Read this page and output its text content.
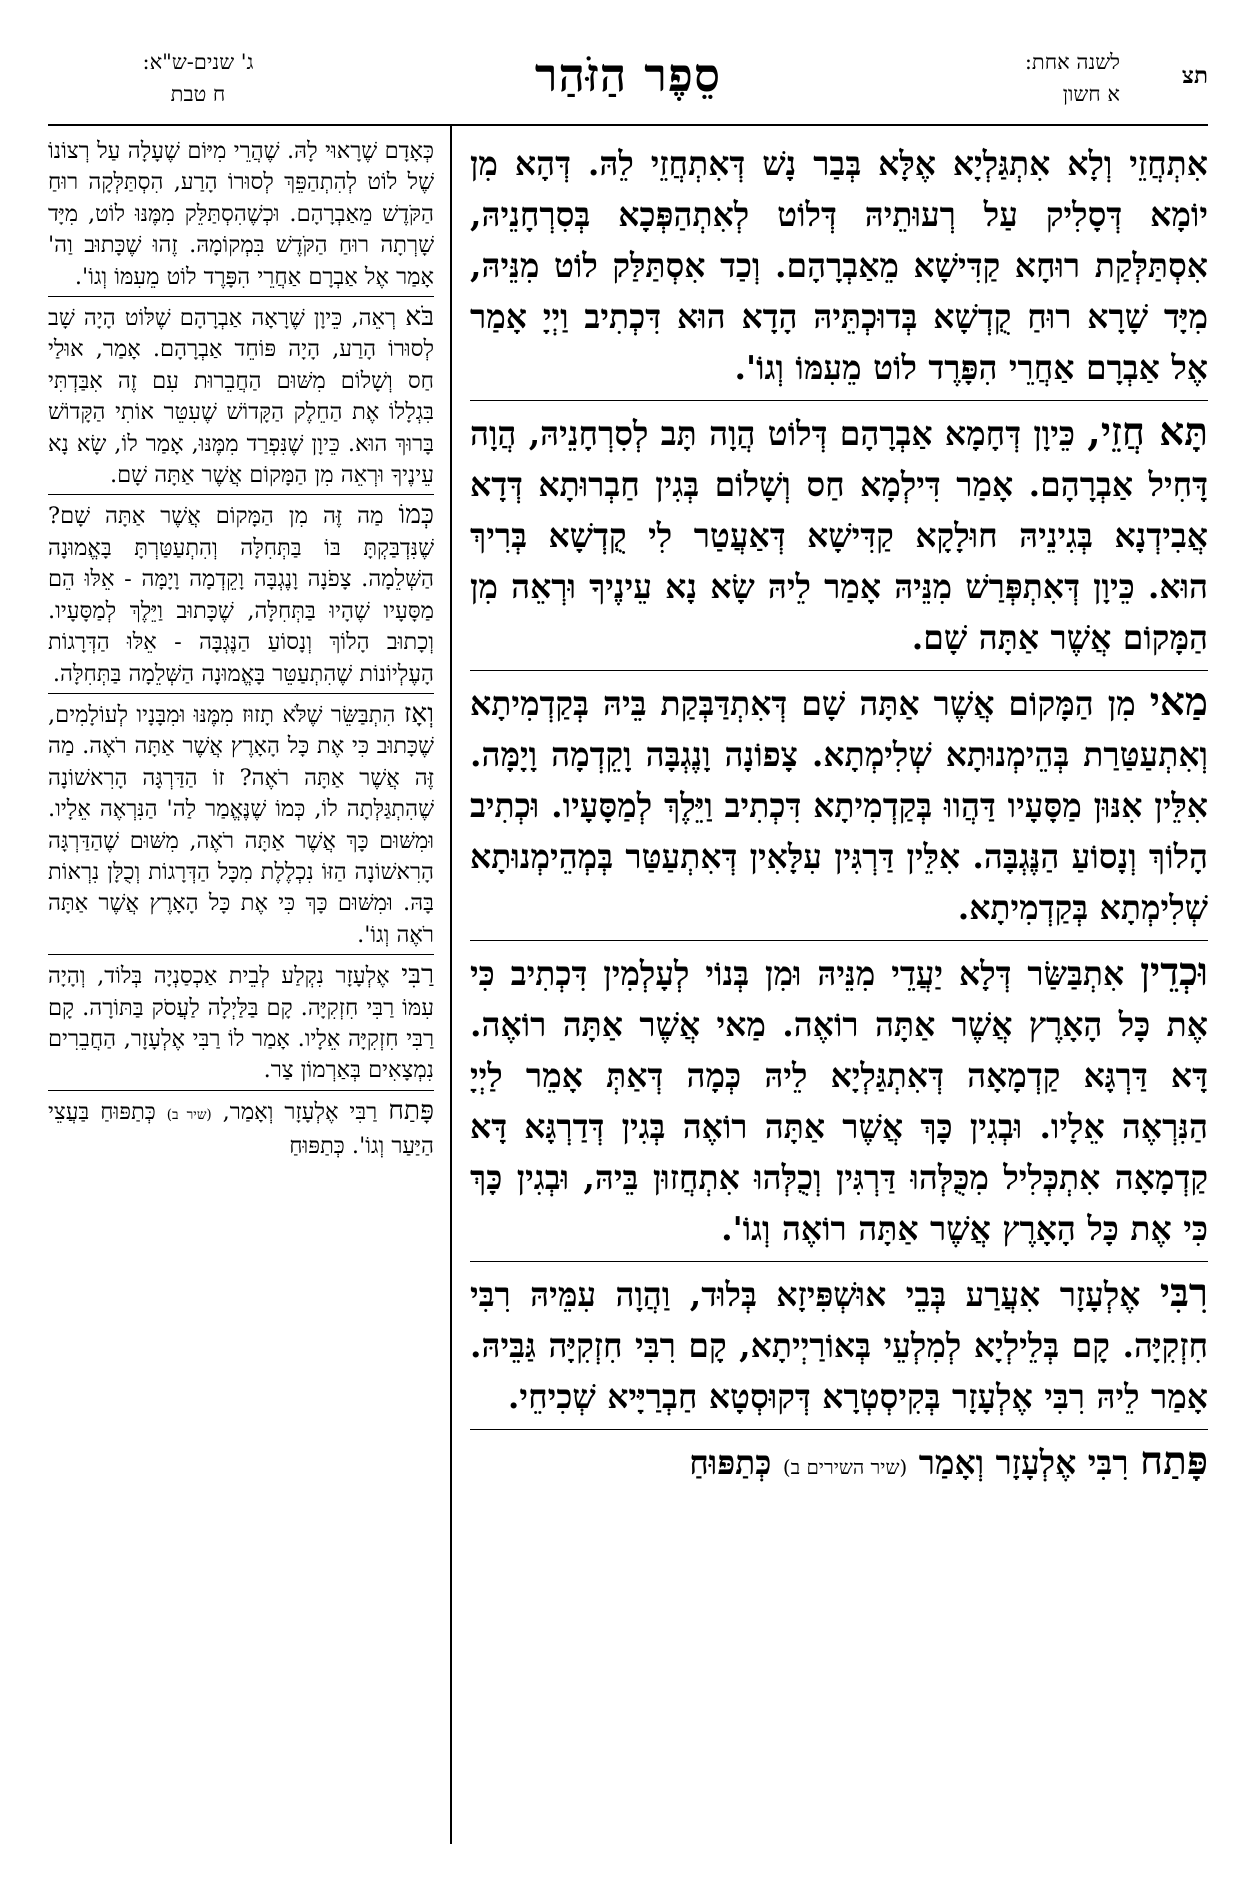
תצ
לשנה אחת:
א חשון
סֵפֶר הַזֹּהַר
ג' שנים-ש"א:
ח טבת

אִתְחֲזֵי וְלָא אִתְגַּלְיָא אֶלָּא בְּבַר נָשׁ דְּאִתְחֲזֵי לֵהּ. דְּהָא מִן יוֹמָא דְּסָלִיק עַל רְעוּתֵיהּ דְּלוֹט לְאִתְהַפְּכָא בְּסִרְחָנֵיהּ, אִסְתַּלְּקַת רוּחָא קַדִּישָׁא מֵאַבְרָהָם. וְכַד אִסְתַּלַּק לוֹט מִנֵּיהּ, מִיָּד שָׁרָא רוּחַ קֻדְשָׁא בְּדוּכְתֵּיהּ הָדָא הוּא דִּכְתִיב וַיְיָ אָמַר אֶל אַבְרָם אַחֲרֵי הִפָּרֶד לוֹט מֵעִמּוֹ וְגוֹ'.

תָּא חֲזֵי, כֵּיוָן דְּחָמָא אַבְרָהָם דְּלוֹט הֲוָה תָּב לְסִרְחָנֵיהּ, הֲוָה דָּחִיל אַבְרָהָם. אָמַר דִּילְמָא חַס וְשָׁלוֹם בְּגִין חַבְרוּתָא דְּדָא אֲבִידְנָא בְּגִינֵיהּ חוּלָקָא קַדִּישָׁא דְּאַעֲטַר לִי קֻדְשָׁא בְּרִיךְ הוּא. כֵּיוָן דְּאִתְפְּרַשׁ מִנֵּיהּ אָמַר לֵיהּ שָׂא נָא עֵינֶיךָ וּרְאֵה מִן הַמָּקוֹם אֲשֶׁר אַתָּה שָׁם.

מַאי מִן הַמָּקוֹם אֲשֶׁר אַתָּה שָׁם דְּאִתְדַּבְּקַת בֵּיהּ בְּקַדְמִיתָא וְאִתְעַטַּרַת בְּהֵימְנוּתָא שְׁלִימְתָא. צָפוֹנָה וָנֶגְבָּה וָקֵדְמָה וָיָמָּה. אִלֵּין אִנּוּן מַסָּעָיו דַּהֲווּ בְּקַדְמִיתָא דִּכְתִיב וַיֵּלֶךְ לְמַסָּעָיו. וּכְתִיב הָלוֹךְ וְנָסוֹעַ הַנֶּגְבָּה. אִלֵּין דַּרְגִּין עִלָּאִין דְּאִתְעַטַּר בְּמְהֵימְנוּתָא שְׁלִימְתָא בְּקַדְמִיתָא.

וּכְדֵין אִתְבַּשַּׂר דְּלָא יַעֲדֵי מִנֵּיהּ וּמִן בְּנוֹי לְעָלְמִין דִּכְתִיב כִּי אֶת כָּל הָאָרֶץ אֲשֶׁר אַתָּה רוֹאֶה. מַאי אֲשֶׁר אַתָּה רוֹאֶה. דָּא דַּרְגָּא קַדְמָאָה דְּאִתְגַּלְיָא לֵיהּ כְּמָה דְּאַתְּ אָמֵר לַיְיָ הַנִּרְאֶה אֵלָיו. וּבְגִין כָּךְ אֲשֶׁר אַתָּה רוֹאֶה בְּגִין דְּדַרְגָּא דָּא קַדְמָאָה אִתְכְּלִיל מִכֻּלְּהוּ דַּרְגִּין וְכֻלְּהוּ אִתְחֲזוּן בֵּיהּ, וּבְגִין כָּךְ כִּי אֶת כָּל הָאָרֶץ אֲשֶׁר אַתָּה רוֹאֶה וְגוֹ'.

רִבִּי אֶלְעָזָר אִעֲרַע בְּבֵי אוּשְׁפִּיזָא בְּלוּד, וַהֲוָה עִמֵּיהּ רִבִּי חִזְקִיָּה. קָם בְּלֵילְיָא לְמִלְעֵי בְּאוֹרַיְיתָא, קָם רִבִּי חִזְקִיָּה גַּבֵּיהּ. אָמַר לֵיהּ רִבִּי אֶלְעָזָר בְּקִיסְטְרָא דְּקוּסְטָא חַבְרַיָּיא שְׁכִיחֵי.

פָּתַח רִבִּי אֶלְעָזָר וְאָמַר (שיר השירים ב) כְּתַפּוּחַ

כְּאָדָם שֶׁרָאוּי לָהּ. שֶׁהֲרֵי מִיּוֹם שֶׁעָלָה עַל רְצוֹנוֹ שֶׁל לוֹט לְהִתְהַפֵּךְ לְסוּרוֹ הָרַע, הִסְתַּלְּקָה רוּחַ הַקֹּדֶשׁ מֵאַבְרָהָם. וּכְשֶׁהִסְתַּלֵּק מִמֶּנּוּ לוֹט, מִיָּד שָׁרְתָה רוּחַ הַקֹּדֶשׁ בִּמְקוֹמָהּ. זֶהוּ שֶׁכָּתוּב וַה' אָמַר אֶל אַבְרָם אַחֲרֵי הִפָּרֶד לוֹט מֵעִמּוֹ וְגוֹ'.

בֹּא רְאֵה, כֵּיוָן שֶׁרָאָה אַבְרָהָם שֶׁלּוֹט הָיָה שָׁב לְסוּרוֹ הָרַע, הָיָה פּוֹחֵד אַבְרָהָם. אָמַר, אוּלַי חַס וְשָׁלוֹם מִשּׁוּם הַחֲבֵרוּת עִם זֶה אִבַּדְתִּי בִּגְלָלוֹ אֶת הַחֵלֶק הַקָּדוֹשׁ שֶׁעִטֵּר אוֹתִי הַקָּדוֹשׁ בָּרוּךְ הוּא. כֵּיוָן שֶׁנִּפְרַד מִמֶּנּוּ, אָמַר לוֹ, שָׂא נָא עֵינֶיךָ וּרְאֵה מִן הַמָּקוֹם אֲשֶׁר אַתָּה שָׁם.

כְּמוֹ מַה זֶּה מִן הַמָּקוֹם אֲשֶׁר אַתָּה שָׁם? שֶׁנִּדְבַּקְתָּ בּוֹ בַּתְּחִלָּה וְהִתְעַטַּרְתָּ בָּאֱמוּנָה הַשְּׁלֵמָה. צָפֹנָה וָנֶגְבָּה וָקֵדְמָה וָיָמָּה - אֵלּוּ הֵם מַסָּעָיו שֶׁהָיוּ בַּתְּחִלָּה, שֶׁכָּתוּב וַיֵּלֶךְ לְמַסָּעָיו. וְכָתוּב הָלוֹךְ וְנָסוֹעַ הַנֶּגְבָּה - אֵלּוּ הַדְּרָגוֹת הָעֶלְיוֹנוֹת שֶׁהִתְעַטֵּר בָּאֱמוּנָה הַשְּׁלֵמָה בַּתְּחִלָּה.

וְאָז הִתְבַּשֵּׂר שֶׁלֹּא תָזוּז מִמֶּנּוּ וּמִבָּנָיו לְעוֹלָמִים, שֶׁכָּתוּב כִּי אֶת כָּל הָאָרֶץ אֲשֶׁר אַתָּה רֹאֶה. מַה זֶּה אֲשֶׁר אַתָּה רֹאֶה? זוֹ הַדַּרְגָּה הָרִאשׁוֹנָה שֶׁהִתְגַּלְּתָה לוֹ, כְּמוֹ שֶׁנֶּאֱמַר לַה' הַנִּרְאֶה אֵלָיו. וּמִשּׁוּם כָּךְ אֲשֶׁר אַתָּה רֹאֶה, מִשּׁוּם שֶׁהַדַּרְגָּה הָרִאשׁוֹנָה הַזּוֹ נִכְלֶלֶת מִכָּל הַדְּרָגוֹת וְכֻלָּן נִרְאוֹת בָּהּ. וּמִשּׁוּם כָּךְ כִּי אֶת כָּל הָאָרֶץ אֲשֶׁר אַתָּה רֹאֶה וְגוֹ'.

רַבִּי אֶלְעָזָר נִקְלַע לְבֵית אַכְסַנְיָה בְּלוֹד, וְהָיָה עִמּוֹ רַבִּי חִזְקִיָּה. קָם בַּלַּיְלָה לַעֲסֹק בַּתּוֹרָה. קָם רַבִּי חִזְקִיָּה אֵלָיו. אָמַר לוֹ רַבִּי אֶלְעָזָר, הַחֲבֵרִים נִמְצָאִים בְּאַרְמוֹן צַר.

פָּתַח רַבִּי אֶלְעָזָר וְאָמַר, (שיר ב) כְּתַפּוּחַ בַּעֲצֵי הַיַּעַר וְגוֹ'. כְּתַפּוּחַ
